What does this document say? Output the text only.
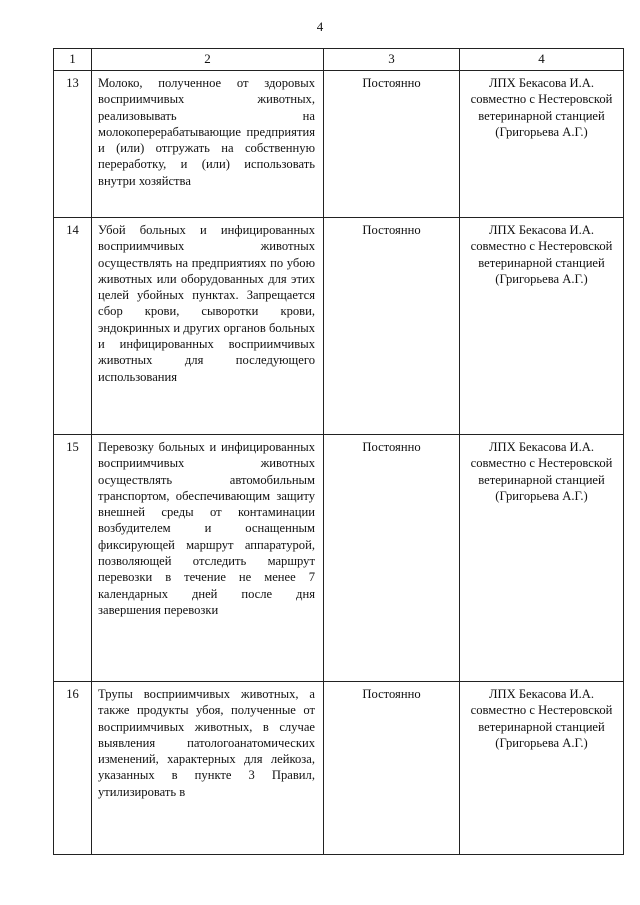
4
1	2	3	4
13	Молоко, полученное от здоровых восприимчивых животных, реализовывать на молокоперерабатывающие предприятия и (или) отгружать на собственную переработку, и (или) использовать внутри хозяйства	Постоянно	ЛПХ Бекасова И.А. совместно с Нестеровской ветеринарной станцией (Григорьева А.Г.)
14	Убой больных и инфицированных восприимчивых животных осуществлять на предприятиях по убою животных или оборудованных для этих целей убойных пунктах. Запрещается сбор крови, сыворотки крови, эндокринных и других органов больных и инфицированных восприимчивых животных для последующего использования	Постоянно	ЛПХ Бекасова И.А. совместно с Нестеровской ветеринарной станцией (Григорьева А.Г.)
15	Перевозку больных и инфицированных восприимчивых животных осуществлять автомобильным транспортом, обеспечивающим защиту внешней среды от контаминации возбудителем и оснащенным фиксирующей маршрут аппаратурой, позволяющей отследить маршрут перевозки в течение не менее 7 календарных дней после дня завершения перевозки	Постоянно	ЛПХ Бекасова И.А. совместно с Нестеровской ветеринарной станцией (Григорьева А.Г.)
16	Трупы восприимчивых животных, а также продукты убоя, полученные от восприимчивых животных, в случае выявления патологоанатомических изменений, характерных для лейкоза, указанных в пункте 3 Правил, утилизировать в	Постоянно	ЛПХ Бекасова И.А. совместно с Нестеровской ветеринарной станцией (Григорьева А.Г.)
